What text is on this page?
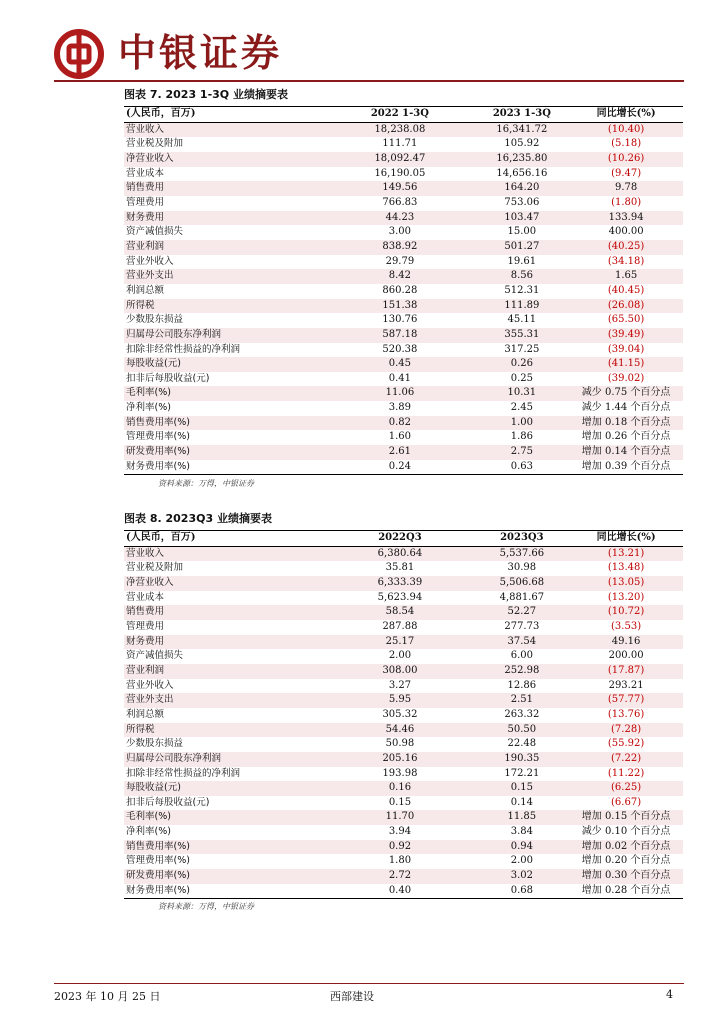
中银证券
图表 7. 2023 1-3Q 业绩摘要表
(人民币，百万)	2022 1-3Q	2023 1-3Q	同比增长(%)
营业收入	18,238.08	16,341.72	(10.40)
营业税及附加	111.71	105.92	(5.18)
净营业收入	18,092.47	16,235.80	(10.26)
营业成本	16,190.05	14,656.16	(9.47)
销售费用	149.56	164.20	9.78
管理费用	766.83	753.06	(1.80)
财务费用	44.23	103.47	133.94
资产减值损失	3.00	15.00	400.00
营业利润	838.92	501.27	(40.25)
营业外收入	29.79	19.61	(34.18)
营业外支出	8.42	8.56	1.65
利润总额	860.28	512.31	(40.45)
所得税	151.38	111.89	(26.08)
少数股东损益	130.76	45.11	(65.50)
归属母公司股东净利润	587.18	355.31	(39.49)
扣除非经常性损益的净利润	520.38	317.25	(39.04)
每股收益(元)	0.45	0.26	(41.15)
扣非后每股收益(元)	0.41	0.25	(39.02)
毛利率(%)	11.06	10.31	减少 0.75 个百分点
净利率(%)	3.89	2.45	减少 1.44 个百分点
销售费用率(%)	0.82	1.00	增加 0.18 个百分点
管理费用率(%)	1.60	1.86	增加 0.26 个百分点
研发费用率(%)	2.61	2.75	增加 0.14 个百分点
财务费用率(%)	0.24	0.63	增加 0.39 个百分点
资料来源：万得，中银证券
图表 8. 2023Q3 业绩摘要表
(人民币，百万)	2022Q3	2023Q3	同比增长(%)
营业收入	6,380.64	5,537.66	(13.21)
营业税及附加	35.81	30.98	(13.48)
净营业收入	6,333.39	5,506.68	(13.05)
营业成本	5,623.94	4,881.67	(13.20)
销售费用	58.54	52.27	(10.72)
管理费用	287.88	277.73	(3.53)
财务费用	25.17	37.54	49.16
资产减值损失	2.00	6.00	200.00
营业利润	308.00	252.98	(17.87)
营业外收入	3.27	12.86	293.21
营业外支出	5.95	2.51	(57.77)
利润总额	305.32	263.32	(13.76)
所得税	54.46	50.50	(7.28)
少数股东损益	50.98	22.48	(55.92)
归属母公司股东净利润	205.16	190.35	(7.22)
扣除非经常性损益的净利润	193.98	172.21	(11.22)
每股收益(元)	0.16	0.15	(6.25)
扣非后每股收益(元)	0.15	0.14	(6.67)
毛利率(%)	11.70	11.85	增加 0.15 个百分点
净利率(%)	3.94	3.84	减少 0.10 个百分点
销售费用率(%)	0.92	0.94	增加 0.02 个百分点
管理费用率(%)	1.80	2.00	增加 0.20 个百分点
研发费用率(%)	2.72	3.02	增加 0.30 个百分点
财务费用率(%)	0.40	0.68	增加 0.28 个百分点
资料来源：万得，中银证券
2023 年 10 月 25 日	西部建设	4
